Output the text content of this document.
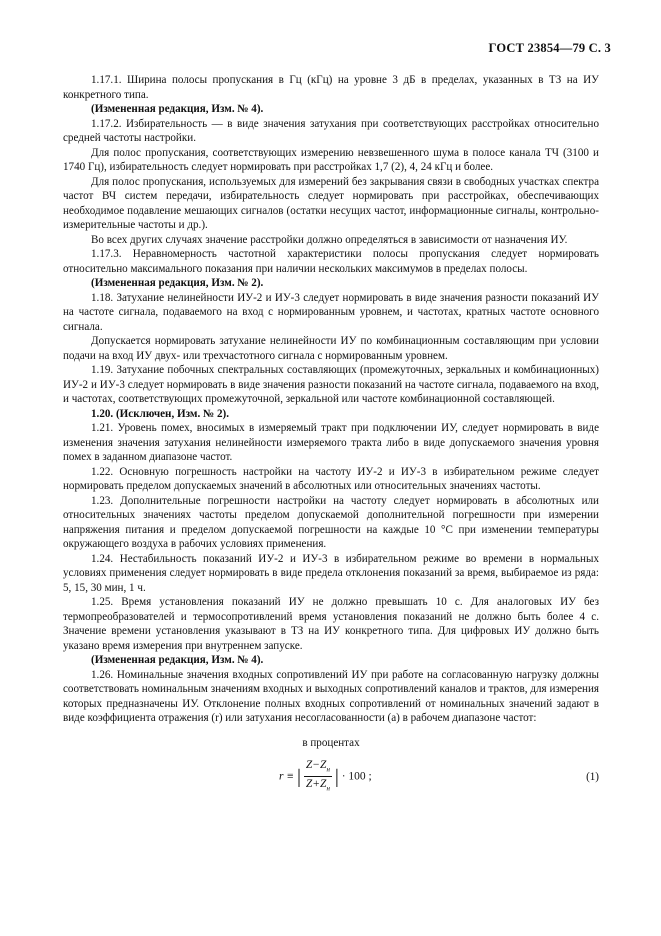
ГОСТ 23854—79 С. 3

1.17.1. Ширина полосы пропускания в Гц (кГц) на уровне 3 дБ в пределах, указанных в ТЗ на ИУ конкретного типа.

(Измененная редакция, Изм. № 4).

1.17.2. Избирательность — в виде значения затухания при соответствующих расстройках относительно средней частоты настройки.

Для полос пропускания, соответствующих измерению невзвешенного шума в полосе канала ТЧ (3100 и 1740 Гц), избирательность следует нормировать при расстройках 1,7 (2), 4, 24 кГц и более.

Для полос пропускания, используемых для измерений без закрывания связи в свободных участках спектра частот ВЧ систем передачи, избирательность следует нормировать при расстройках, обеспечивающих необходимое подавление мешающих сигналов (остатки несущих частот, информационные сигналы, контрольно-измерительные частоты и др.).

Во всех других случаях значение расстройки должно определяться в зависимости от назначения ИУ.

1.17.3. Неравномерность частотной характеристики полосы пропускания следует нормировать относительно максимального показания при наличии нескольких максимумов в пределах полосы.

(Измененная редакция, Изм. № 2).

1.18. Затухание нелинейности ИУ-2 и ИУ-3 следует нормировать в виде значения разности показаний ИУ на частоте сигнала, подаваемого на вход с нормированным уровнем, и частотах, кратных частоте основного сигнала.

Допускается нормировать затухание нелинейности ИУ по комбинационным составляющим при условии подачи на вход ИУ двух- или трехчастотного сигнала с нормированным уровнем.

1.19. Затухание побочных спектральных составляющих (промежуточных, зеркальных и комбинационных) ИУ-2 и ИУ-3 следует нормировать в виде значения разности показаний на частоте сигнала, подаваемого на вход, и частотах, соответствующих промежуточной, зеркальной или частоте комбинационной составляющей.

1.20. (Исключен, Изм. № 2).

1.21. Уровень помех, вносимых в измеряемый тракт при подключении ИУ, следует нормировать в виде изменения значения затухания нелинейности измеряемого тракта либо в виде допускаемого значения уровня помех в заданном диапазоне частот.

1.22. Основную погрешность настройки на частоту ИУ-2 и ИУ-3 в избирательном режиме следует нормировать пределом допускаемых значений в абсолютных или относительных значениях частоты.

1.23. Дополнительные погрешности настройки на частоту следует нормировать в абсолютных или относительных значениях частоты пределом допускаемой дополнительной погрешности при измерении напряжения питания и пределом допускаемой погрешности на каждые 10 °С при изменении температуры окружающего воздуха в рабочих условиях применения.

1.24. Нестабильность показаний ИУ-2 и ИУ-3 в избирательном режиме во времени в нормальных условиях применения следует нормировать в виде предела отклонения показаний за время, выбираемое из ряда: 5, 15, 30 мин, 1 ч.

1.25. Время установления показаний ИУ не должно превышать 10 с. Для аналоговых ИУ без термопреобразователей и термосопротивлений время установления показаний не должно быть более 4 с. Значение времени установления указывают в ТЗ на ИУ конкретного типа. Для цифровых ИУ должно быть указано время измерения при внутреннем запуске.

(Измененная редакция, Изм. № 4).

1.26. Номинальные значения входных сопротивлений ИУ при работе на согласованную нагрузку должны соответствовать номинальным значениям входных и выходных сопротивлений каналов и трактов, для измерения которых предназначены ИУ. Отклонение полных входных сопротивлений от номинальных значений задают в виде коэффициента отражения (r) или затухания несогласованности (a) в рабочем диапазоне частот:

в процентах

r ≡ | $\frac{Z-Z_н}{Z+Z_н}$ | · 100 ;	(1)
